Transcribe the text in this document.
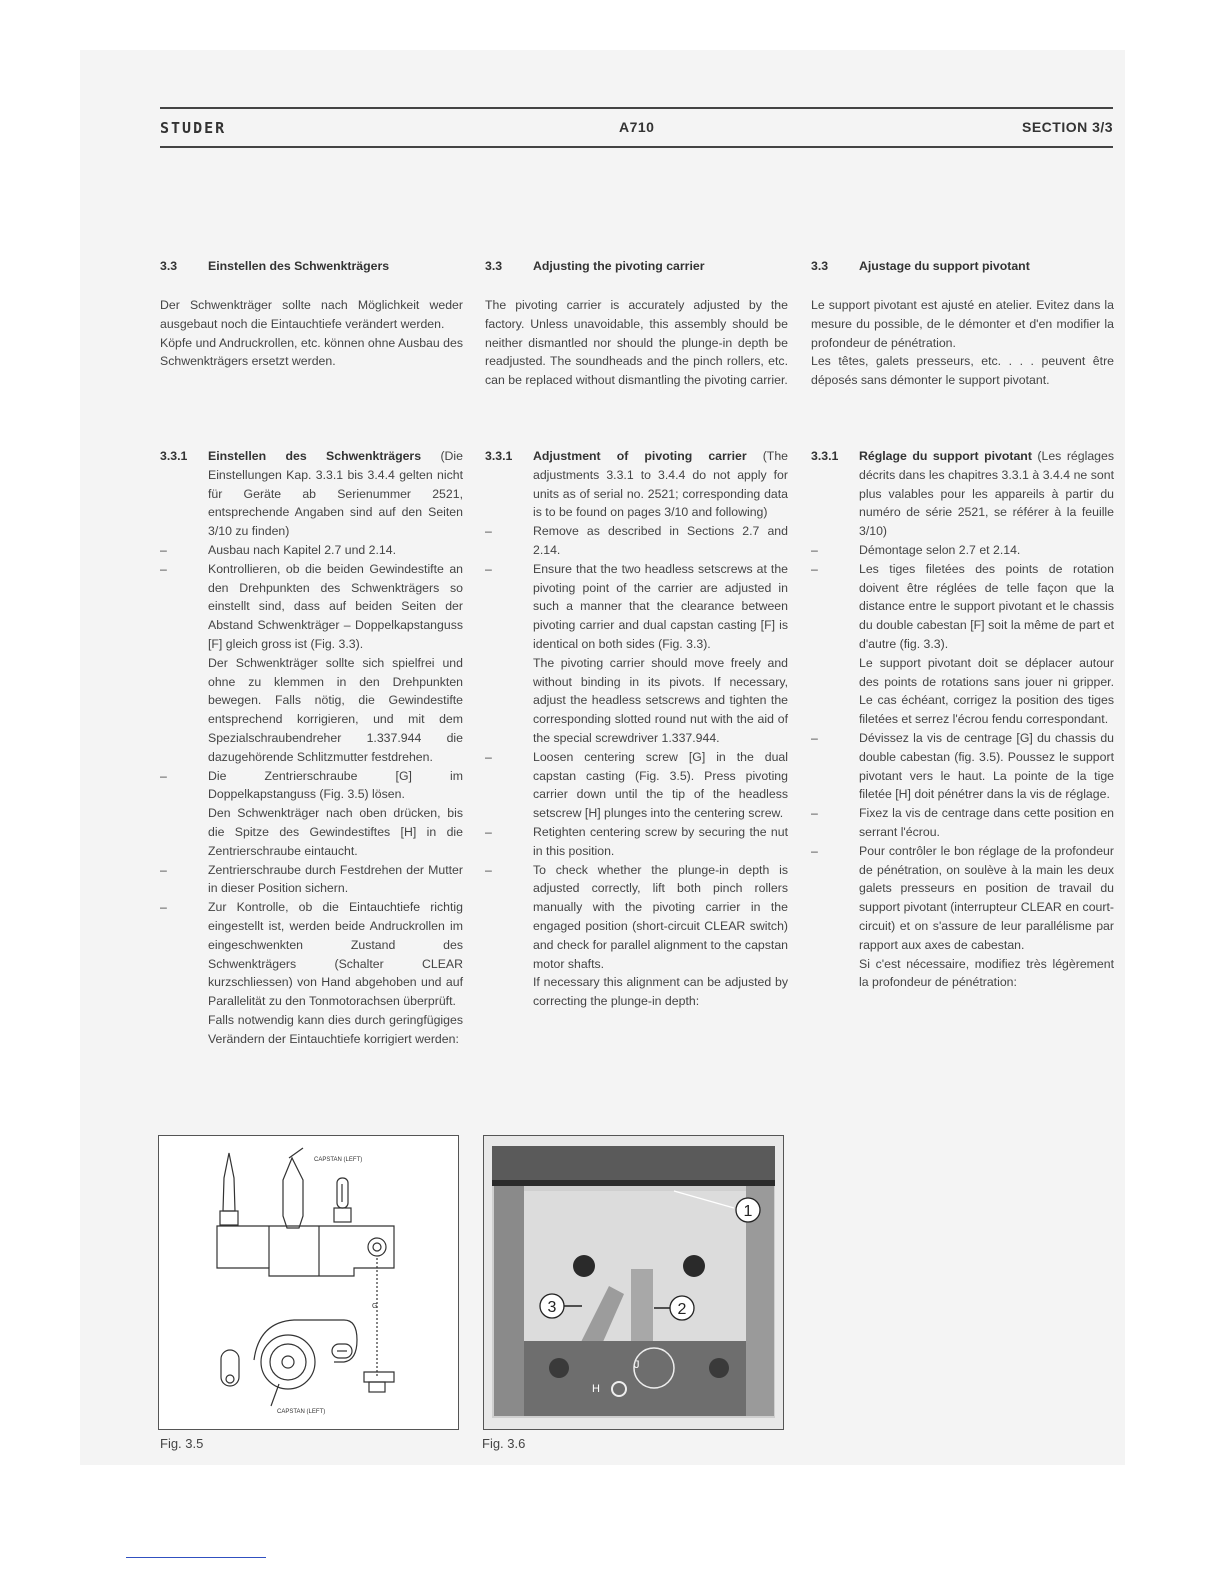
STUDER	A710	SECTION 3/3
3.3	Einstellen des Schwenkträgers	3.3	Adjusting the pivoting carrier	3.3	Ajustage du support pivotant

Der Schwenkträger sollte nach Möglichkeit weder ausgebaut noch die Eintauchtiefe verändert werden.

Köpfe und Andruckrollen, etc. können ohne Ausbau des Schwenkträgers ersetzt werden.

The pivoting carrier is accurately adjusted by the factory. Unless unavoidable, this assembly should be neither dismantled nor should the plunge-in depth be readjusted. The soundheads and the pinch rollers, etc. can be replaced without dismantling the pivoting carrier.

Le support pivotant est ajusté en atelier. Evitez dans la mesure du possible, de le démonter et d'en modifier la profondeur de pénétration.

Les têtes, galets presseurs, etc. . . . peuvent être déposés sans démonter le support pivotant.

3.3.1	Einstellen des Schwenkträgers (Die Einstellungen Kap. 3.3.1 bis 3.4.4 gelten nicht für Geräte ab Serienummer 2521, entsprechende Angaben sind auf den Seiten 3/10 zu finden)
–	Ausbau nach Kapitel 2.7 und 2.14.
–	Kontrollieren, ob die beiden Gewindestifte an den Drehpunkten des Schwenkträgers so einstellt sind, dass auf beiden Seiten der Abstand Schwenkträger – Doppelkapstanguss [F] gleich gross ist (Fig. 3.3).
Der Schwenkträger sollte sich spielfrei und ohne zu klemmen in den Drehpunkten bewegen. Falls nötig, die Gewindestifte entsprechend korrigieren, und mit dem Spezialschraubendreher 1.337.944 die dazugehörende Schlitzmutter festdrehen.
–	Die Zentrierschraube [G] im Doppelkapstanguss (Fig. 3.5) lösen.
Den Schwenkträger nach oben drücken, bis die Spitze des Gewindestiftes [H] in die Zentrierschraube eintaucht.
–	Zentrierschraube durch Festdrehen der Mutter in dieser Position sichern.
–	Zur Kontrolle, ob die Eintauchtiefe richtig eingestellt ist, werden beide Andruckrollen im eingeschwenkten Zustand des Schwenkträgers (Schalter CLEAR kurzschliessen) von Hand abgehoben und auf Parallelität zu den Tonmotorachsen überprüft.
Falls notwendig kann dies durch geringfügiges Verändern der Eintauchtiefe korrigiert werden:
3.3.1	Adjustment of pivoting carrier (The adjustments 3.3.1 to 3.4.4 do not apply for units as of serial no. 2521; corresponding data is to be found on pages 3/10 and following)
–	Remove as described in Sections 2.7 and 2.14.
–	Ensure that the two headless setscrews at the pivoting point of the carrier are adjusted in such a manner that the clearance between pivoting carrier and dual capstan casting [F] is identical on both sides (Fig. 3.3).
The pivoting carrier should move freely and without binding in its pivots. If necessary, adjust the headless setscrews and tighten the corresponding slotted round nut with the aid of the special screwdriver 1.337.944.
–	Loosen centering screw [G] in the dual capstan casting (Fig. 3.5). Press pivoting carrier down until the tip of the headless setscrew [H] plunges into the centering screw.
–	Retighten centering screw by securing the nut in this position.
–	To check whether the plunge-in depth is adjusted correctly, lift both pinch rollers manually with the pivoting carrier in the engaged position (short-circuit CLEAR switch) and check for parallel alignment to the capstan motor shafts.
If necessary this alignment can be adjusted by correcting the plunge-in depth:
3.3.1	Réglage du support pivotant (Les réglages décrits dans les chapitres 3.3.1 à 3.4.4 ne sont plus valables pour les appareils à partir du numéro de série 2521, se référer à la feuille 3/10)
–	Démontage selon 2.7 et 2.14.
–	Les tiges filetées des points de rotation doivent être réglées de telle façon que la distance entre le support pivotant et le chassis du double cabestan [F] soit la même de part et d'autre (fig. 3.3).
Le support pivotant doit se déplacer autour des points de rotations sans jouer ni gripper. Le cas échéant, corrigez la position des tiges filetées et serrez l'écrou fendu correspondant.
–	Dévissez la vis de centrage [G] du chassis du double cabestan (fig. 3.5). Poussez le support pivotant vers le haut. La pointe de la tige filetée [H] doit pénétrer dans la vis de réglage.
–	Fixez la vis de centrage dans cette position en serrant l'écrou.
–	Pour contrôler le bon réglage de la profondeur de pénétration, on soulève à la main les deux galets presseurs en position de travail du support pivotant (interrupteur CLEAR en court-circuit) et on s'assure de leur parallélisme par rapport aux axes de cabestan.
Si c'est nécessaire, modifiez très légèrement la profondeur de pénétration:
CAPSTAN (LEFT)
G
CAPSTAN (LEFT)
1
2
3
J
H
Fig. 3.5	Fig. 3.6
